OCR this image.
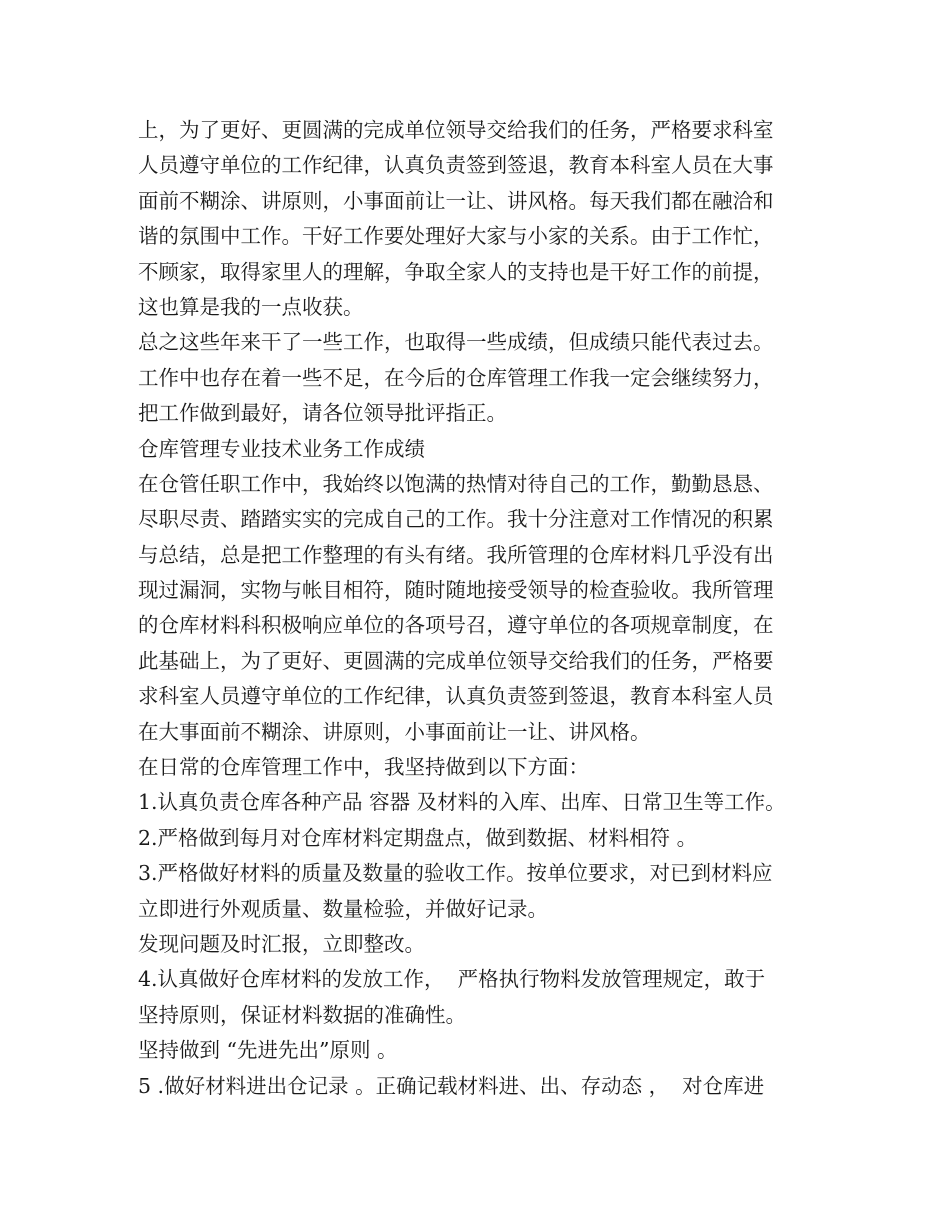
上，为了更好、更圆满的完成单位领导交给我们的任务，严格要求科室
人员遵守单位的工作纪律，认真负责签到签退，教育本科室人员在大事
面前不糊涂、讲原则，小事面前让一让、讲风格。每天我们都在融洽和
谐的氛围中工作。干好工作要处理好大家与小家的关系。由于工作忙，
不顾家，取得家里人的理解，争取全家人的支持也是干好工作的前提，
这也算是我的一点收获。
总之这些年来干了一些工作，也取得一些成绩，但成绩只能代表过去。
工作中也存在着一些不足，在今后的仓库管理工作我一定会继续努力，
把工作做到最好，请各位领导批评指正。
仓库管理专业技术业务工作成绩
在仓管任职工作中，我始终以饱满的热情对待自己的工作，勤勤恳恳、
尽职尽责、踏踏实实的完成自己的工作。我十分注意对工作情况的积累
与总结，总是把工作整理的有头有绪。我所管理的仓库材料几乎没有出
现过漏洞，实物与帐目相符，随时随地接受领导的检查验收。我所管理
的仓库材料科积极响应单位的各项号召，遵守单位的各项规章制度，在
此基础上，为了更好、更圆满的完成单位领导交给我们的任务，严格要
求科室人员遵守单位的工作纪律，认真负责签到签退，教育本科室人员
在大事面前不糊涂、讲原则，小事面前让一让、讲风格。
在日常的仓库管理工作中，我坚持做到以下方面：
1.认真负责仓库各种产品 容器 及材料的入库、出库、日常卫生等工作。
2.严格做到每月对仓库材料定期盘点，做到数据、材料相符 。
3.严格做好材料的质量及数量的验收工作。按单位要求，对已到材料应
立即进行外观质量、数量检验，并做好记录。
发现问题及时汇报，立即整改。
4.认真做好仓库材料的发放工作，  严格执行物料发放管理规定，敢于
坚持原则，保证材料数据的准确性。
坚持做到 “先进先出”原则 。
5 .做好材料进出仓记录 。正确记载材料进、出、存动态 ，  对仓库进
